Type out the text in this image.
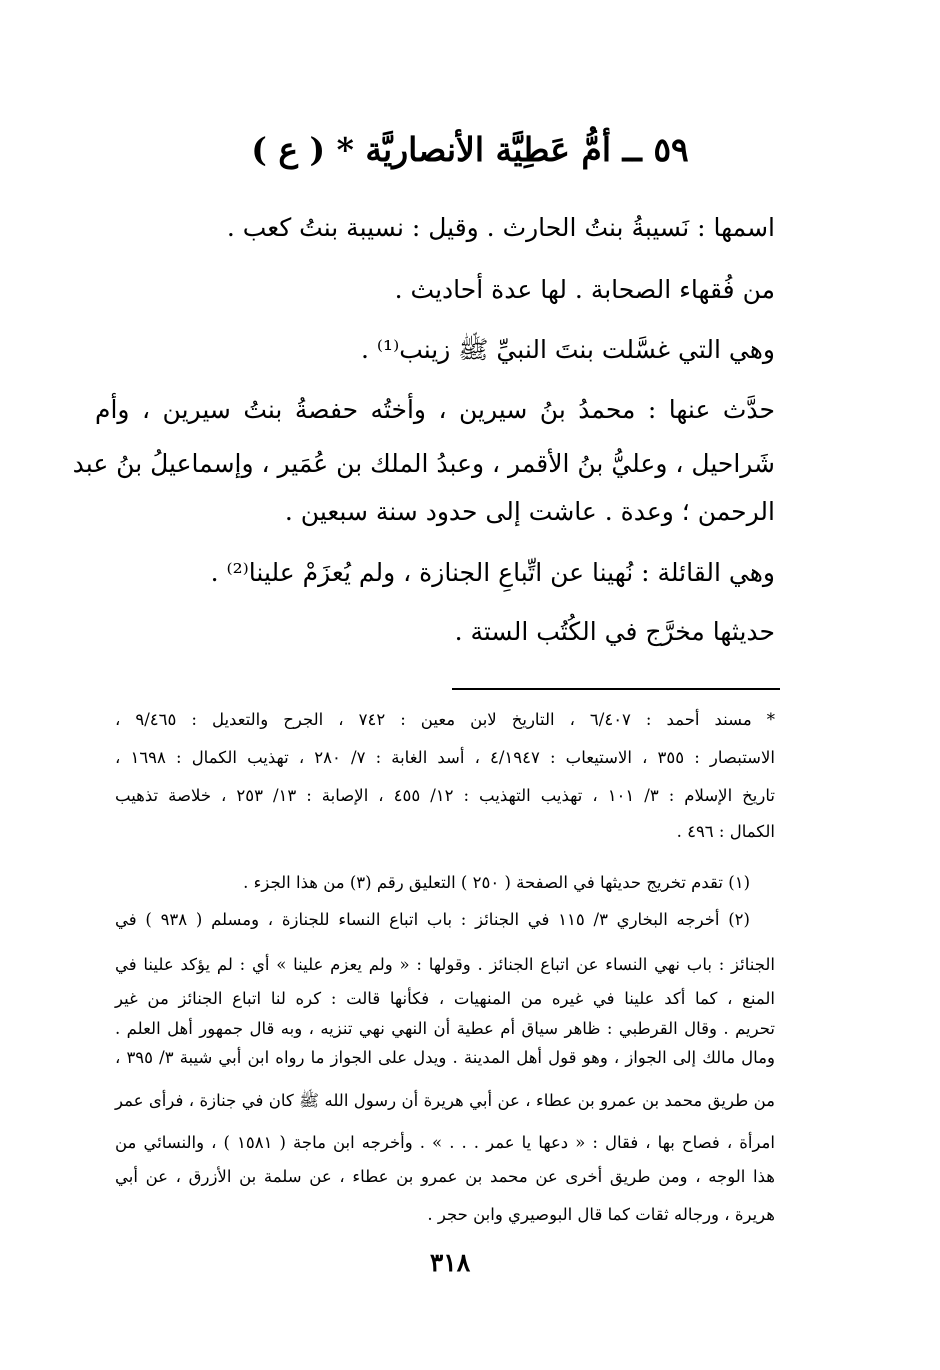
٥٩ ــ أمُّ عَطِيَّة الأنصاريَّة * ( ع )
اسمها : نَسيبةُ بنتُ الحارث . وقيل : نسيبة بنتُ كعب .
من فُقهاء الصحابة . لها عدة أحاديث .
وهي التي غسَّلت بنتَ النبيِّ ﷺ زينب⁽¹⁾ .
حدَّث عنها : محمدُ بنُ سيرين ، وأختُه حفصةُ بنتُ سيرين ، وأم
شَراحيل ، وعليُّ بنُ الأقمر ، وعبدُ الملك بن عُمَير ، وإسماعيلُ بنُ عبد
الرحمن ؛ وعدة . عاشت إلى حدود سنة سبعين .
وهي القائلة : نُهينا عن اتِّباعِ الجنازة ، ولم يُعزَمْ علينا⁽²⁾ .
حديثها مخرَّج في الكُتُب الستة .
* مسند أحمد : ٦/٤٠٧ ، التاريخ لابن معين : ٧٤٢ ، الجرح والتعديل : ٩/٤٦٥ ،
الاستبصار : ٣٥٥ ، الاستيعاب : ٤/١٩٤٧ ، أسد الغابة : ٧/ ٢٨٠ ، تهذيب الكمال : ١٦٩٨ ،
تاريخ الإسلام : ٣/ ١٠١ ، تهذيب التهذيب : ١٢/ ٤٥٥ ، الإصابة : ١٣/ ٢٥٣ ، خلاصة تذهيب
الكمال : ٤٩٦ .
(١) تقدم تخريج حديثها في الصفحة ( ٢٥٠ ) التعليق رقم (٣) من هذا الجزء .
(٢) أخرجه البخاري ٣/ ١١٥ في الجنائز : باب اتباع النساء للجنازة ، ومسلم ( ٩٣٨ ) في
الجنائز : باب نهي النساء عن اتباع الجنائز . وقولها : « ولم يعزم علينا » أي : لم يؤكد علينا في
المنع ، كما أكد علينا في غيره من المنهيات ، فكأنها قالت : كره لنا اتباع الجنائز من غير
تحريم . وقال القرطبي : ظاهر سياق أم عطية أن النهي نهي تنزيه ، وبه قال جمهور أهل العلم .
ومال مالك إلى الجواز ، وهو قول أهل المدينة . ويدل على الجواز ما رواه ابن أبي شيبة ٣/ ٣٩٥ ،
من طريق محمد بن عمرو بن عطاء ، عن أبي هريرة أن رسول الله ﷺ كان في جنازة ، فرأى عمر
امرأة ، فصاح بها ، فقال : « دعها يا عمر . . . » . وأخرجه ابن ماجة ( ١٥٨١ ) ، والنسائي من
هذا الوجه ، ومن طريق أخرى عن محمد بن عمرو بن عطاء ، عن سلمة بن الأزرق ، عن أبي
هريرة ، ورجاله ثقات كما قال البوصيري وابن حجر .
٣١٨
